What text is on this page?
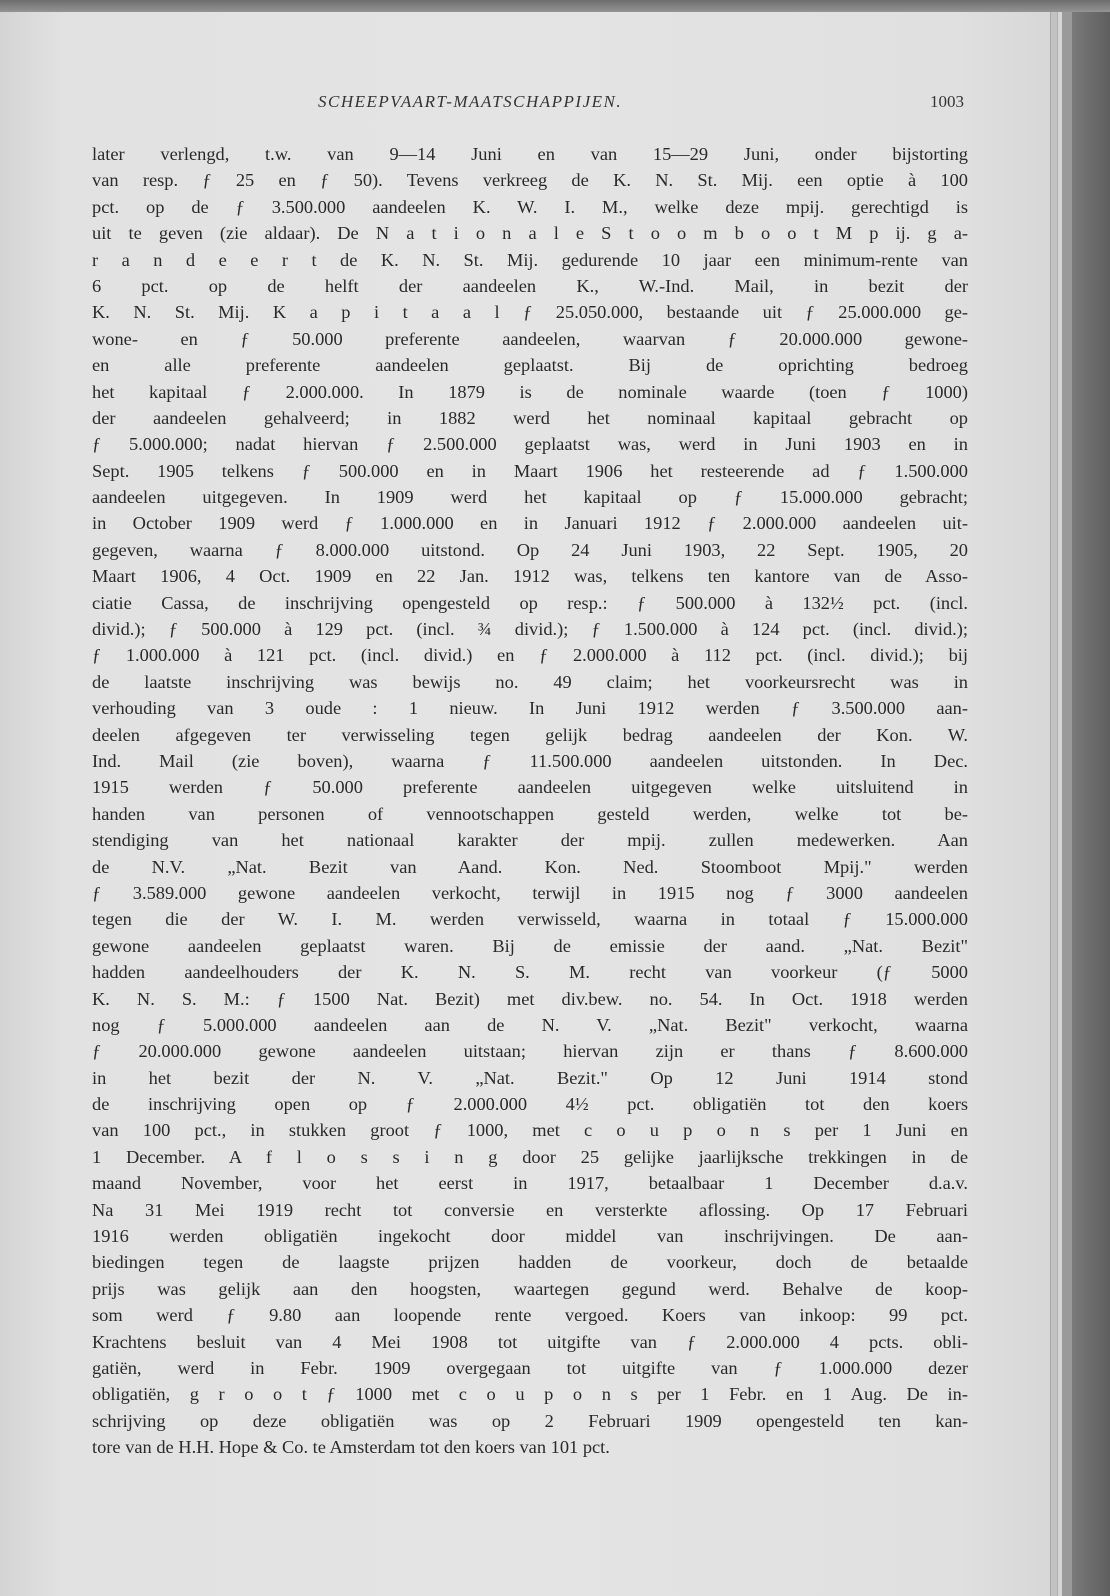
SCHEEPVAART-MAATSCHAPPIJEN.	1003
later verlengd, t.w. van 9—14 Juni en van 15—29 Juni, onder bijstorting
van resp. ƒ 25 en ƒ 50). Tevens verkreeg de K. N. St. Mij. een optie à 100
pct. op de ƒ 3.500.000 aandeelen K. W. I. M., welke deze mpij. gerechtigd is
uit te geven (zie aldaar). De N a t i o n a l e S t o o m b o o t M p ij. g a-
r a n d e e r t de K. N. St. Mij. gedurende 10 jaar een minimum-rente van
6 pct. op de helft der aandeelen K., W.-Ind. Mail, in bezit der
K. N. St. Mij. K a p i t a a l ƒ 25.050.000, bestaande uit ƒ 25.000.000 ge-
wone- en ƒ 50.000 preferente aandeelen, waarvan ƒ 20.000.000 gewone-
en alle preferente aandeelen geplaatst. Bij de oprichting bedroeg
het kapitaal ƒ 2.000.000. In 1879 is de nominale waarde (toen ƒ 1000)
der aandeelen gehalveerd; in 1882 werd het nominaal kapitaal gebracht op
ƒ 5.000.000; nadat hiervan ƒ 2.500.000 geplaatst was, werd in Juni 1903 en in
Sept. 1905 telkens ƒ 500.000 en in Maart 1906 het resteerende ad ƒ 1.500.000
aandeelen uitgegeven. In 1909 werd het kapitaal op ƒ 15.000.000 gebracht;
in October 1909 werd ƒ 1.000.000 en in Januari 1912 ƒ 2.000.000 aandeelen uit-
gegeven, waarna ƒ 8.000.000 uitstond. Op 24 Juni 1903, 22 Sept. 1905, 20
Maart 1906, 4 Oct. 1909 en 22 Jan. 1912 was, telkens ten kantore van de Asso-
ciatie Cassa, de inschrijving opengesteld op resp.: ƒ 500.000 à 132½ pct. (incl.
divid.); ƒ 500.000 à 129 pct. (incl. ¾ divid.); ƒ 1.500.000 à 124 pct. (incl. divid.);
ƒ 1.000.000 à 121 pct. (incl. divid.) en ƒ 2.000.000 à 112 pct. (incl. divid.); bij
de laatste inschrijving was bewijs no. 49 claim; het voorkeursrecht was in
verhouding van 3 oude : 1 nieuw. In Juni 1912 werden ƒ 3.500.000 aan-
deelen afgegeven ter verwisseling tegen gelijk bedrag aandeelen der Kon. W.
Ind. Mail (zie boven), waarna ƒ 11.500.000 aandeelen uitstonden. In Dec.
1915 werden ƒ 50.000 preferente aandeelen uitgegeven welke uitsluitend in
handen van personen of vennootschappen gesteld werden, welke tot be-
stendiging van het nationaal karakter der mpij. zullen medewerken. Aan
de N.V. „Nat. Bezit van Aand. Kon. Ned. Stoomboot Mpij." werden
ƒ 3.589.000 gewone aandeelen verkocht, terwijl in 1915 nog ƒ 3000 aandeelen
tegen die der W. I. M. werden verwisseld, waarna in totaal ƒ 15.000.000
gewone aandeelen geplaatst waren. Bij de emissie der aand. „Nat. Bezit"
hadden aandeelhouders der K. N. S. M. recht van voorkeur (ƒ 5000
K. N. S. M.: ƒ 1500 Nat. Bezit) met div.bew. no. 54. In Oct. 1918 werden
nog ƒ 5.000.000 aandeelen aan de N. V. „Nat. Bezit" verkocht, waarna
ƒ 20.000.000 gewone aandeelen uitstaan; hiervan zijn er thans ƒ 8.600.000
in het bezit der N. V. „Nat. Bezit." Op 12 Juni 1914 stond
de inschrijving open op ƒ 2.000.000 4½ pct. obligatiën tot den koers
van 100 pct., in stukken groot ƒ 1000, met c o u p o n s per 1 Juni en
1 December. A f l o s s i n g door 25 gelijke jaarlijksche trekkingen in de
maand November, voor het eerst in 1917, betaalbaar 1 December d.a.v.
Na 31 Mei 1919 recht tot conversie en versterkte aflossing. Op 17 Februari
1916 werden obligatiën ingekocht door middel van inschrijvingen. De aan-
biedingen tegen de laagste prijzen hadden de voorkeur, doch de betaalde
prijs was gelijk aan den hoogsten, waartegen gegund werd. Behalve de koop-
som werd ƒ 9.80 aan loopende rente vergoed. Koers van inkoop: 99 pct.
Krachtens besluit van 4 Mei 1908 tot uitgifte van ƒ 2.000.000 4 pcts. obli-
gatiën, werd in Febr. 1909 overgegaan tot uitgifte van ƒ 1.000.000 dezer
obligatiën, g r o o t ƒ 1000 met c o u p o n s per 1 Febr. en 1 Aug. De in-
schrijving op deze obligatiën was op 2 Februari 1909 opengesteld ten kan-
tore van de H.H. Hope & Co. te Amsterdam tot den koers van 101 pct.
